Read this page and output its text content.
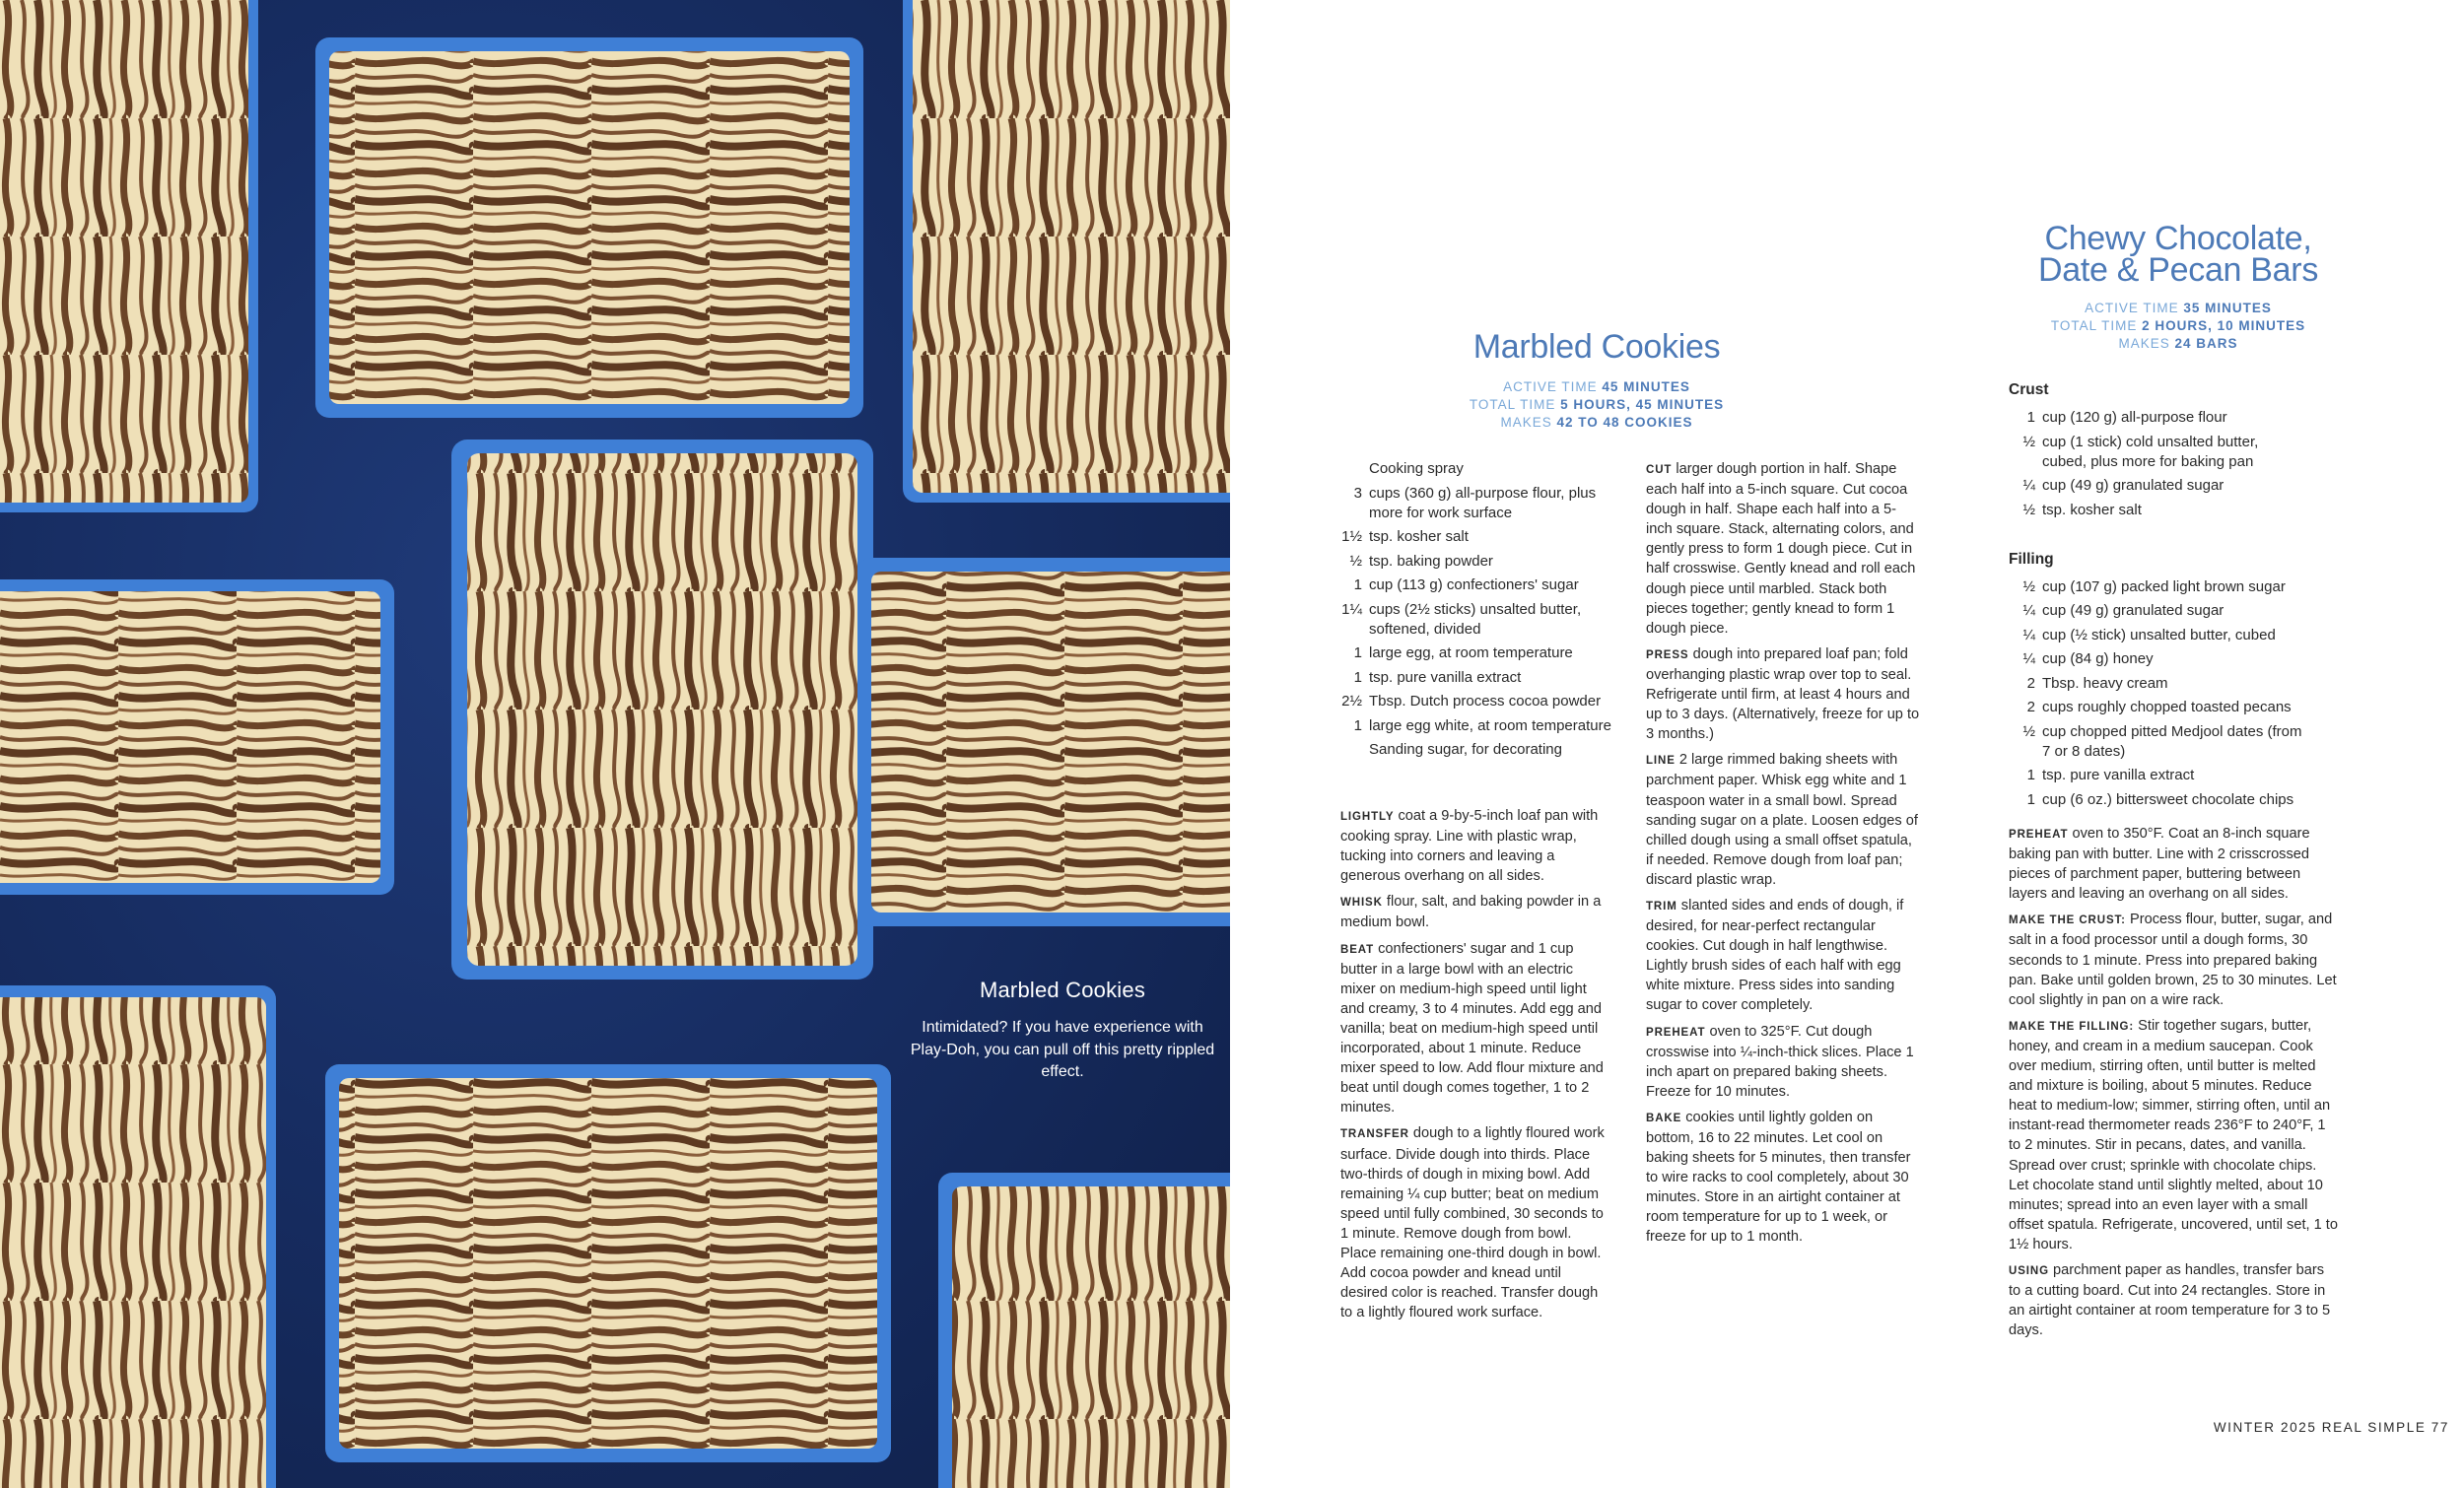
Marbled Cookies
Intimidated? If you have experience with Play-Doh, you can pull off this pretty rippled effect.
Marbled Cookies
ACTIVE TIME 45 MINUTES
TOTAL TIME 5 HOURS, 45 MINUTES
MAKES 42 TO 48 COOKIES
Cooking spray
3 cups (360 g) all-purpose flour, plus more for work surface
1½ tsp. kosher salt
½ tsp. baking powder
1 cup (113 g) confectioners' sugar
1¼ cups (2½ sticks) unsalted butter, softened, divided
1 large egg, at room temperature
1 tsp. pure vanilla extract
2½ Tbsp. Dutch process cocoa powder
1 large egg white, at room temperature
Sanding sugar, for decorating
LIGHTLY coat a 9-by-5-inch loaf pan with cooking spray. Line with plastic wrap, tucking into corners and leaving a generous overhang on all sides.
WHISK flour, salt, and baking powder in a medium bowl.
BEAT confectioners' sugar and 1 cup butter in a large bowl with an electric mixer on medium-high speed until light and creamy, 3 to 4 minutes. Add egg and vanilla; beat on medium-high speed until incorporated, about 1 minute. Reduce mixer speed to low. Add flour mixture and beat until dough comes together, 1 to 2 minutes.
TRANSFER dough to a lightly floured work surface. Divide dough into thirds. Place two-thirds of dough in mixing bowl. Add remaining ¼ cup butter; beat on medium speed until fully combined, 30 seconds to 1 minute. Remove dough from bowl. Place remaining one-third dough in bowl. Add cocoa powder and knead until desired color is reached. Transfer dough to a lightly floured work surface.
CUT larger dough portion in half. Shape each half into a 5-inch square. Cut cocoa dough in half. Shape each half into a 5-inch square. Stack, alternating colors, and gently press to form 1 dough piece. Cut in half crosswise. Gently knead and roll each dough piece until marbled. Stack both pieces together; gently knead to form 1 dough piece.
PRESS dough into prepared loaf pan; fold overhanging plastic wrap over top to seal. Refrigerate until firm, at least 4 hours and up to 3 days. (Alternatively, freeze for up to 3 months.)
LINE 2 large rimmed baking sheets with parchment paper. Whisk egg white and 1 teaspoon water in a small bowl. Spread sanding sugar on a plate. Loosen edges of chilled dough using a small offset spatula, if needed. Remove dough from loaf pan; discard plastic wrap.
TRIM slanted sides and ends of dough, if desired, for near-perfect rectangular cookies. Cut dough in half lengthwise. Lightly brush sides of each half with egg white mixture. Press sides into sanding sugar to cover completely.
PREHEAT oven to 325°F. Cut dough crosswise into ¼-inch-thick slices. Place 1 inch apart on prepared baking sheets. Freeze for 10 minutes.
BAKE cookies until lightly golden on bottom, 16 to 22 minutes. Let cool on baking sheets for 5 minutes, then transfer to wire racks to cool completely, about 30 minutes. Store in an airtight container at room temperature for up to 1 week, or freeze for up to 1 month.
Chewy Chocolate,
Date & Pecan Bars
ACTIVE TIME 35 MINUTES
TOTAL TIME 2 HOURS, 10 MINUTES
MAKES 24 BARS
Crust
1 cup (120 g) all-purpose flour
½ cup (1 stick) cold unsalted butter, cubed, plus more for baking pan
¼ cup (49 g) granulated sugar
½ tsp. kosher salt
Filling
½ cup (107 g) packed light brown sugar
¼ cup (49 g) granulated sugar
¼ cup (½ stick) unsalted butter, cubed
¼ cup (84 g) honey
2 Tbsp. heavy cream
2 cups roughly chopped toasted pecans
½ cup chopped pitted Medjool dates (from 7 or 8 dates)
1 tsp. pure vanilla extract
1 cup (6 oz.) bittersweet chocolate chips
PREHEAT oven to 350°F. Coat an 8-inch square baking pan with butter. Line with 2 crisscrossed pieces of parchment paper, buttering between layers and leaving an overhang on all sides.
MAKE THE CRUST: Process flour, butter, sugar, and salt in a food processor until a dough forms, 30 seconds to 1 minute. Press into prepared baking pan. Bake until golden brown, 25 to 30 minutes. Let cool slightly in pan on a wire rack.
MAKE THE FILLING: Stir together sugars, butter, honey, and cream in a medium saucepan. Cook over medium, stirring often, until butter is melted and mixture is boiling, about 5 minutes. Reduce heat to medium-low; simmer, stirring often, until an instant-read thermometer reads 236°F to 240°F, 1 to 2 minutes. Stir in pecans, dates, and vanilla. Spread over crust; sprinkle with chocolate chips. Let chocolate stand until slightly melted, about 10 minutes; spread into an even layer with a small offset spatula. Refrigerate, uncovered, until set, 1 to 1½ hours.
USING parchment paper as handles, transfer bars to a cutting board. Cut into 24 rectangles. Store in an airtight container at room temperature for 3 to 5 days.
WINTER 2025 REAL SIMPLE 77
